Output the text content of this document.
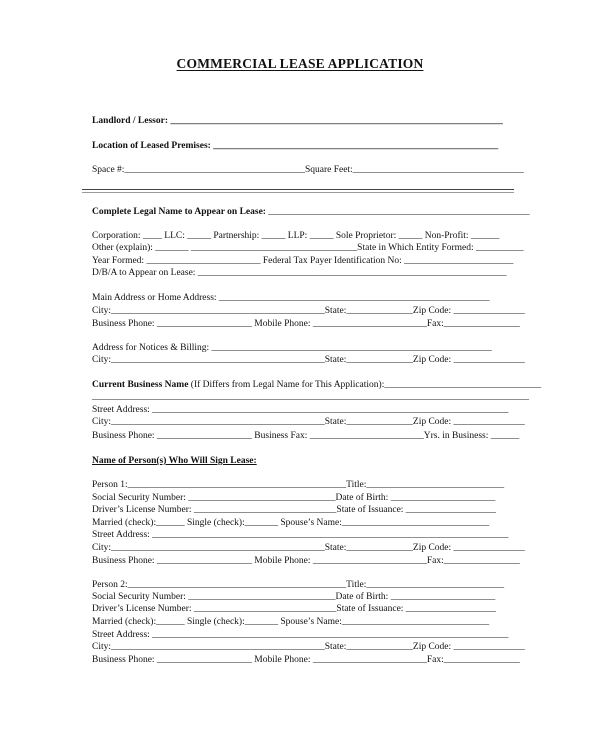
COMMERCIAL LEASE APPLICATION
Landlord / Lessor: ______________________________________________________________________
Location of Leased Premises: ____________________________________________________________
Space #:______________________________________Square Feet:____________________________________
Complete Legal Name to Appear on Lease: _______________________________________________________
Corporation: ____ LLC: _____ Partnership: _____ LLP: _____ Sole Proprietor: _____ Non-Profit: ______
Other (explain): _______ ___________________________________State in Which Entity Formed: __________
Year Formed: ________________________ Federal Tax Payer Identification No: _______________________
D/B/A to Appear on Lease: _________________________________________________________________
Main Address or Home Address: _________________________________________________________
City:_____________________________________________State:______________Zip Code: _______________
Business Phone: ____________________ Mobile Phone: ________________________Fax:________________
Address for Notices & Billing: ___________________________________________________________
City:_____________________________________________State:______________Zip Code: _______________
Current Business Name (If Differs from Legal Name for This Application):_________________________________
____________________________________________________________________________________________
Street Address: ___________________________________________________________________________
City:_____________________________________________State:______________Zip Code: _______________
Business Phone: ____________________ Business Fax: ________________________Yrs. in Business: ______
Name of Person(s) Who Will Sign Lease:
Person 1:______________________________________________Title:_____________________________
Social Security Number: _______________________________Date of Birth: ______________________
Driver’s License Number: ______________________________State of Issuance: ___________________
Married (check):______ Single (check):_______ Spouse’s Name:_______________________________
Street Address: ___________________________________________________________________________
City:_____________________________________________State:______________Zip Code: _______________
Business Phone: ____________________ Mobile Phone: ________________________Fax:________________
Person 2:______________________________________________Title:_____________________________
Social Security Number: _______________________________Date of Birth: ______________________
Driver’s License Number: ______________________________State of Issuance: ___________________
Married (check):______ Single (check):_______ Spouse’s Name:_______________________________
Street Address: ___________________________________________________________________________
City:_____________________________________________State:______________Zip Code: _______________
Business Phone: ____________________ Mobile Phone: ________________________Fax:________________
